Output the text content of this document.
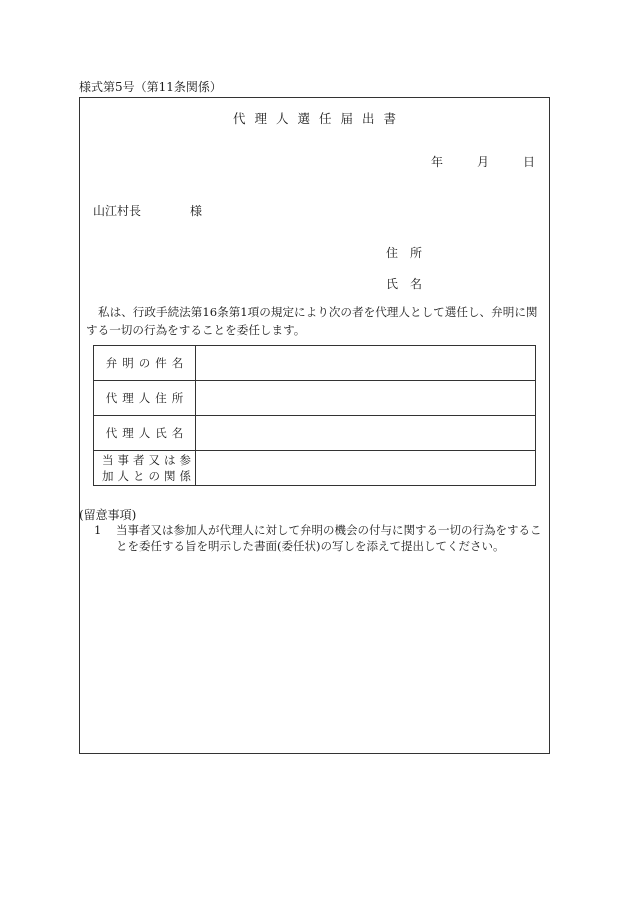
様式第5号（第11条関係）
代理人選任届出書
年	月	日
山江村長	様
住所
氏名
私は、行政手続法第16条第1項の規定により次の者を代理人として選任し、弁明に関する一切の行為をすることを委任します。
弁明の件名	
代理人住所	
代理人氏名	

当事者又は参
加人との関係	

(留意事項)
1 当事者又は参加人が代理人に対して弁明の機会の付与に関する一切の行為をすることを委任する旨を明示した書面(委任状)の写しを添えて提出してください。
